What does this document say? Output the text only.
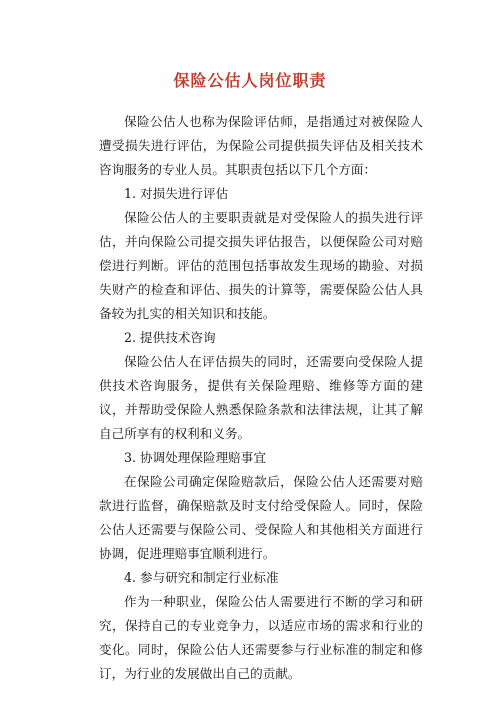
保险公估人岗位职责

保险公估人也称为保险评估师，是指通过对被保险人遭受损失进行评估，为保险公司提供损失评估及相关技术咨询服务的专业人员。其职责包括以下几个方面：

1. 对损失进行评估

保险公估人的主要职责就是对受保险人的损失进行评估，并向保险公司提交损失评估报告，以便保险公司对赔偿进行判断。评估的范围包括事故发生现场的勘验、对损失财产的检查和评估、损失的计算等，需要保险公估人具备较为扎实的相关知识和技能。

2. 提供技术咨询

保险公估人在评估损失的同时，还需要向受保险人提供技术咨询服务，提供有关保险理赔、维修等方面的建议，并帮助受保险人熟悉保险条款和法律法规，让其了解自己所享有的权利和义务。

3. 协调处理保险理赔事宜

在保险公司确定保险赔款后，保险公估人还需要对赔款进行监督，确保赔款及时支付给受保险人。同时，保险公估人还需要与保险公司、受保险人和其他相关方面进行协调，促进理赔事宜顺利进行。

4. 参与研究和制定行业标准

作为一种职业，保险公估人需要进行不断的学习和研究，保持自己的专业竞争力，以适应市场的需求和行业的变化。同时，保险公估人还需要参与行业标准的制定和修订，为行业的发展做出自己的贡献。
